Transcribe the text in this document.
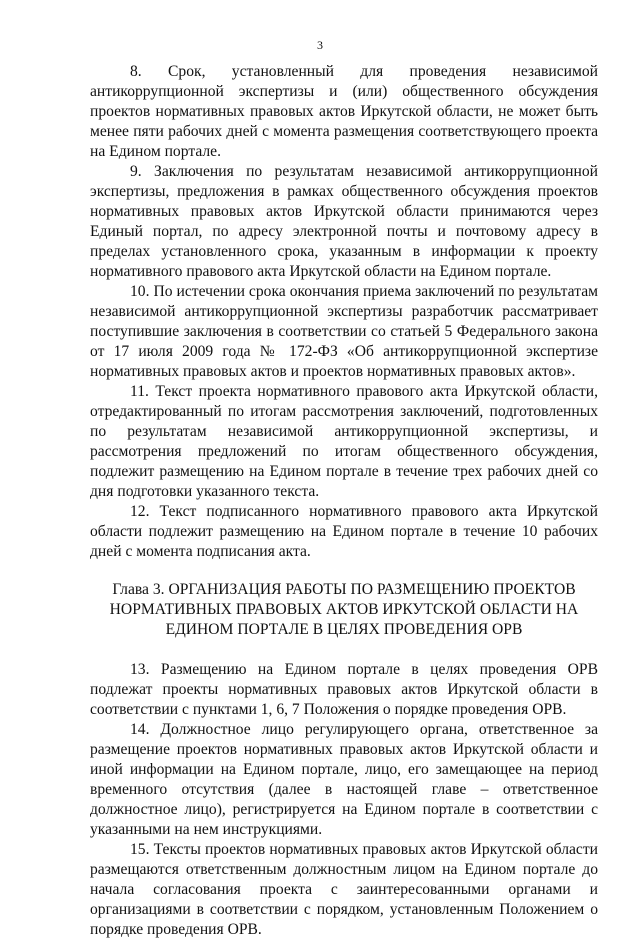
3

8. Срок, установленный для проведения независимой антикоррупционной экспертизы и (или) общественного обсуждения проектов нормативных правовых актов Иркутской области, не может быть менее пяти рабочих дней с момента размещения соответствующего проекта на Едином портале.

9. Заключения по результатам независимой антикоррупционной экспертизы, предложения в рамках общественного обсуждения проектов нормативных правовых актов Иркутской области принимаются через Единый портал, по адресу электронной почты и почтовому адресу в пределах установленного срока, указанным в информации к проекту нормативного правового акта Иркутской области на Едином портале.

10. По истечении срока окончания приема заключений по результатам независимой антикоррупционной экспертизы разработчик рассматривает поступившие заключения в соответствии со статьей 5 Федерального закона от 17 июля 2009 года № 172-ФЗ «Об антикоррупционной экспертизе нормативных правовых актов и проектов нормативных правовых актов».

11. Текст проекта нормативного правового акта Иркутской области, отредактированный по итогам рассмотрения заключений, подготовленных по результатам независимой антикоррупционной экспертизы, и рассмотрения предложений по итогам общественного обсуждения, подлежит размещению на Едином портале в течение трех рабочих дней со дня подготовки указанного текста.

12. Текст подписанного нормативного правового акта Иркутской области подлежит размещению на Едином портале в течение 10 рабочих дней с момента подписания акта.

Глава 3. ОРГАНИЗАЦИЯ РАБОТЫ ПО РАЗМЕЩЕНИЮ ПРОЕКТОВ НОРМАТИВНЫХ ПРАВОВЫХ АКТОВ ИРКУТСКОЙ ОБЛАСТИ НА ЕДИНОМ ПОРТАЛЕ В ЦЕЛЯХ ПРОВЕДЕНИЯ ОРВ

13. Размещению на Едином портале в целях проведения ОРВ подлежат проекты нормативных правовых актов Иркутской области в соответствии с пунктами 1, 6, 7 Положения о порядке проведения ОРВ.

14. Должностное лицо регулирующего органа, ответственное за размещение проектов нормативных правовых актов Иркутской области и иной информации на Едином портале, лицо, его замещающее на период временного отсутствия (далее в настоящей главе – ответственное должностное лицо), регистрируется на Едином портале в соответствии с указанными на нем инструкциями.

15. Тексты проектов нормативных правовых актов Иркутской области размещаются ответственным должностным лицом на Едином портале до начала согласования проекта с заинтересованными органами и организациями в соответствии с порядком, установленным Положением о порядке проведения ОРВ.
